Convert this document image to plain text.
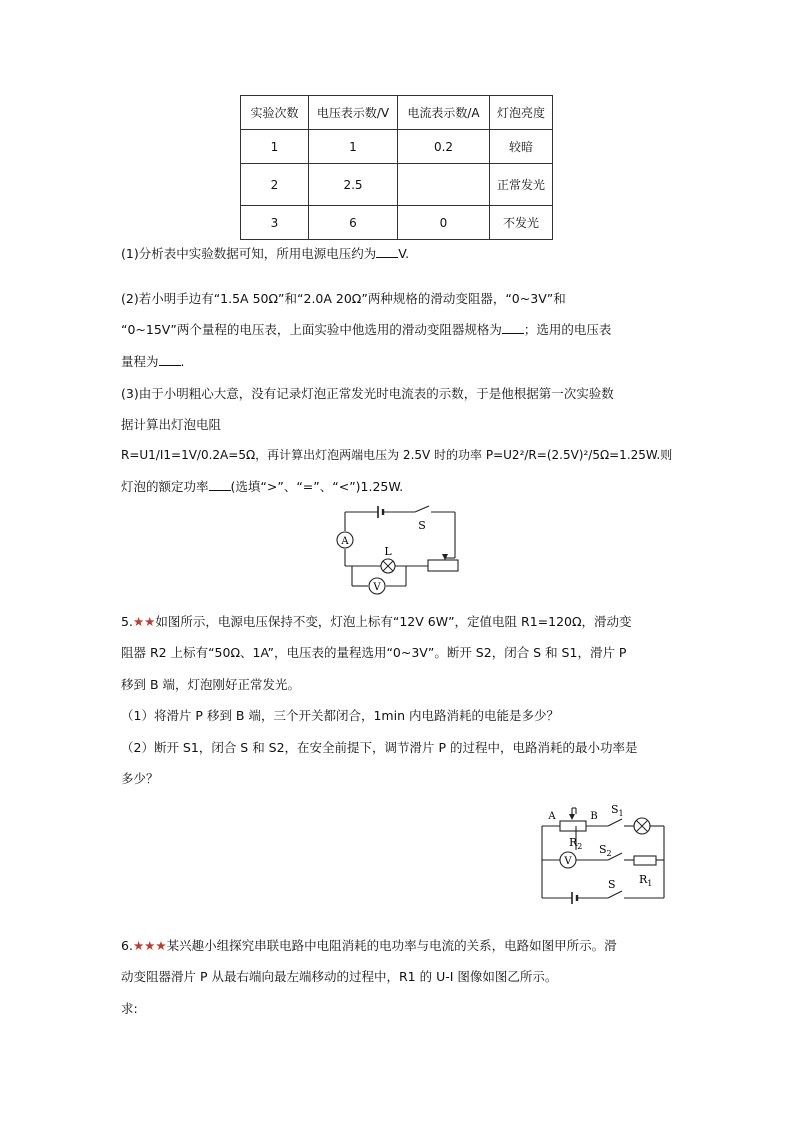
实验次数	电压表示数/V	电流表示数/A	灯泡亮度
1	1	0.2	较暗
2	2.5		正常发光
3	6	0	不发光
(1)分析表中实验数据可知，所用电源电压约为 V.
(2)若小明手边有“1.5A 50Ω”和“2.0A 20Ω”两种规格的滑动变阻器，“0~3V”和
“0~15V”两个量程的电压表，上面实验中他选用的滑动变阻器规格为 ；选用的电压表
量程为 .
(3)由于小明粗心大意，没有记录灯泡正常发光时电流表的示数，于是他根据第一次实验数
据计算出灯泡电阻
R=U1/I1=1V/0.2A=5Ω，再计算出灯泡两端电压为 2.5V 时的功率 P=U2²/R=(2.5V)²/5Ω=1.25W.则
灯泡的额定功率 (选填“>”、“=”、“<”)1.25W.
A
L
V
S
5.★★如图所示，电源电压保持不变，灯泡上标有“12V 6W”，定值电阻 R1=120Ω，滑动变
阻器 R2 上标有“50Ω、1A”，电压表的量程选用“0~3V”。断开 S2，闭合 S 和 S1，滑片 P
移到 B 端，灯泡刚好正常发光。
（1）将滑片 P 移到 B 端，三个开关都闭合，1min 内电路消耗的电能是多少？
（2）断开 S1，闭合 S 和 S2，在安全前提下，调节滑片 P 的过程中，电路消耗的最小功率是
多少？
V
A	B
$R_2$
$S_1$
$S_2$
$R_1$
S
6.★★★某兴趣小组探究串联电路中电阻消耗的电功率与电流的关系，电路如图甲所示。滑
动变阻器滑片 P 从最右端向最左端移动的过程中，R1 的 U-I 图像如图乙所示。
求:
